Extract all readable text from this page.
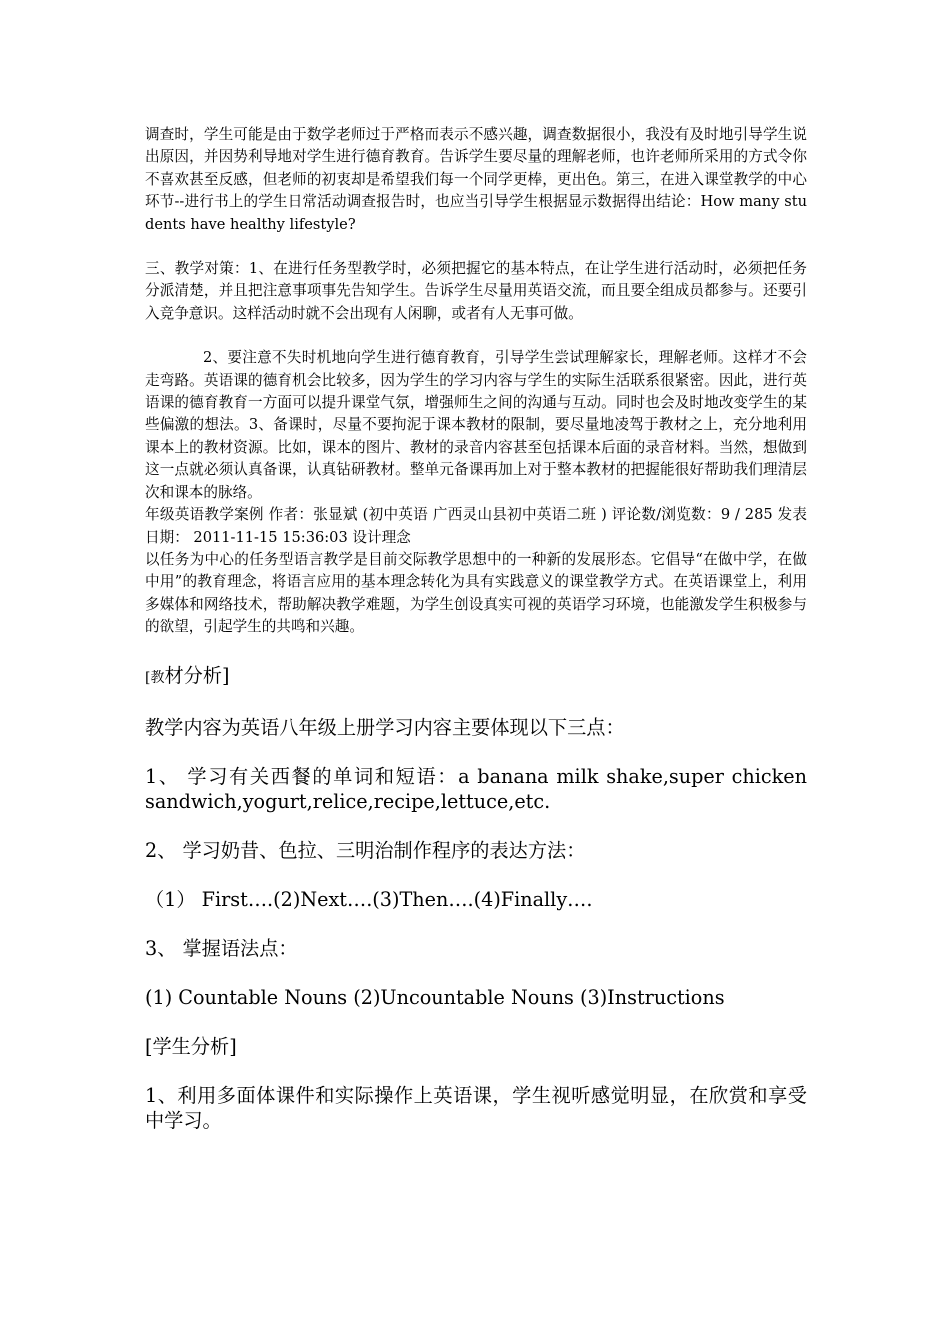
调查时，学生可能是由于数学老师过于严格而表示不感兴趣，调查数据很小，我没有及时地引导学生说出原因，并因势利导地对学生进行德育教育。告诉学生要尽量的理解老师，也许老师所采用的方式令你不喜欢甚至反感，但老师的初衷却是希望我们每一个同学更棒，更出色。第三，在进入课堂教学的中心环节--进行书上的学生日常活动调查报告时，也应当引导学生根据显示数据得出结论：How many students have healthy lifestyle?

三、教学对策：1、在进行任务型教学时，必须把握它的基本特点，在让学生进行活动时，必须把任务分派清楚，并且把注意事项事先告知学生。告诉学生尽量用英语交流，而且要全组成员都参与。还要引入竞争意识。这样活动时就不会出现有人闲聊，或者有人无事可做。

2、要注意不失时机地向学生进行德育教育，引导学生尝试理解家长，理解老师。这样才不会走弯路。英语课的德育机会比较多，因为学生的学习内容与学生的实际生活联系很紧密。因此，进行英语课的德育教育一方面可以提升课堂气氛，增强师生之间的沟通与互动。同时也会及时地改变学生的某些偏激的想法。3、备课时，尽量不要拘泥于课本教材的限制，要尽量地凌驾于教材之上，充分地利用课本上的教材资源。比如，课本的图片、教材的录音内容甚至包括课本后面的录音材料。当然，想做到这一点就必须认真备课，认真钻研教材。整单元备课再加上对于整本教材的把握能很好帮助我们理清层次和课本的脉络。

年级英语教学案例 作者：张显斌 (初中英语 广西灵山县初中英语二班 ) 评论数/浏览数：9 / 285 发表日期： 2011-11-15 15:36:03 设计理念

以任务为中心的任务型语言教学是目前交际教学思想中的一种新的发展形态。它倡导“在做中学，在做中用”的教育理念，将语言应用的基本理念转化为具有实践意义的课堂教学方式。在英语课堂上，利用多媒体和网络技术，帮助解决教学难题，为学生创设真实可视的英语学习环境，也能激发学生积极参与的欲望，引起学生的共鸣和兴趣。

[教材分析]

教学内容为英语八年级上册学习内容主要体现以下三点：

1、 学习有关西餐的单词和短语：a banana milk shake,super chicken sandwich,yogurt,relice,recipe,lettuce,etc.

2、 学习奶昔、色拉、三明治制作程序的表达方法：

（1） First….(2)Next….(3)Then….(4)Finally….

3、 掌握语法点：

(1) Countable Nouns (2)Uncountable Nouns (3)Instructions

[学生分析]

1、利用多面体课件和实际操作上英语课，学生视听感觉明显，在欣赏和享受中学习。
